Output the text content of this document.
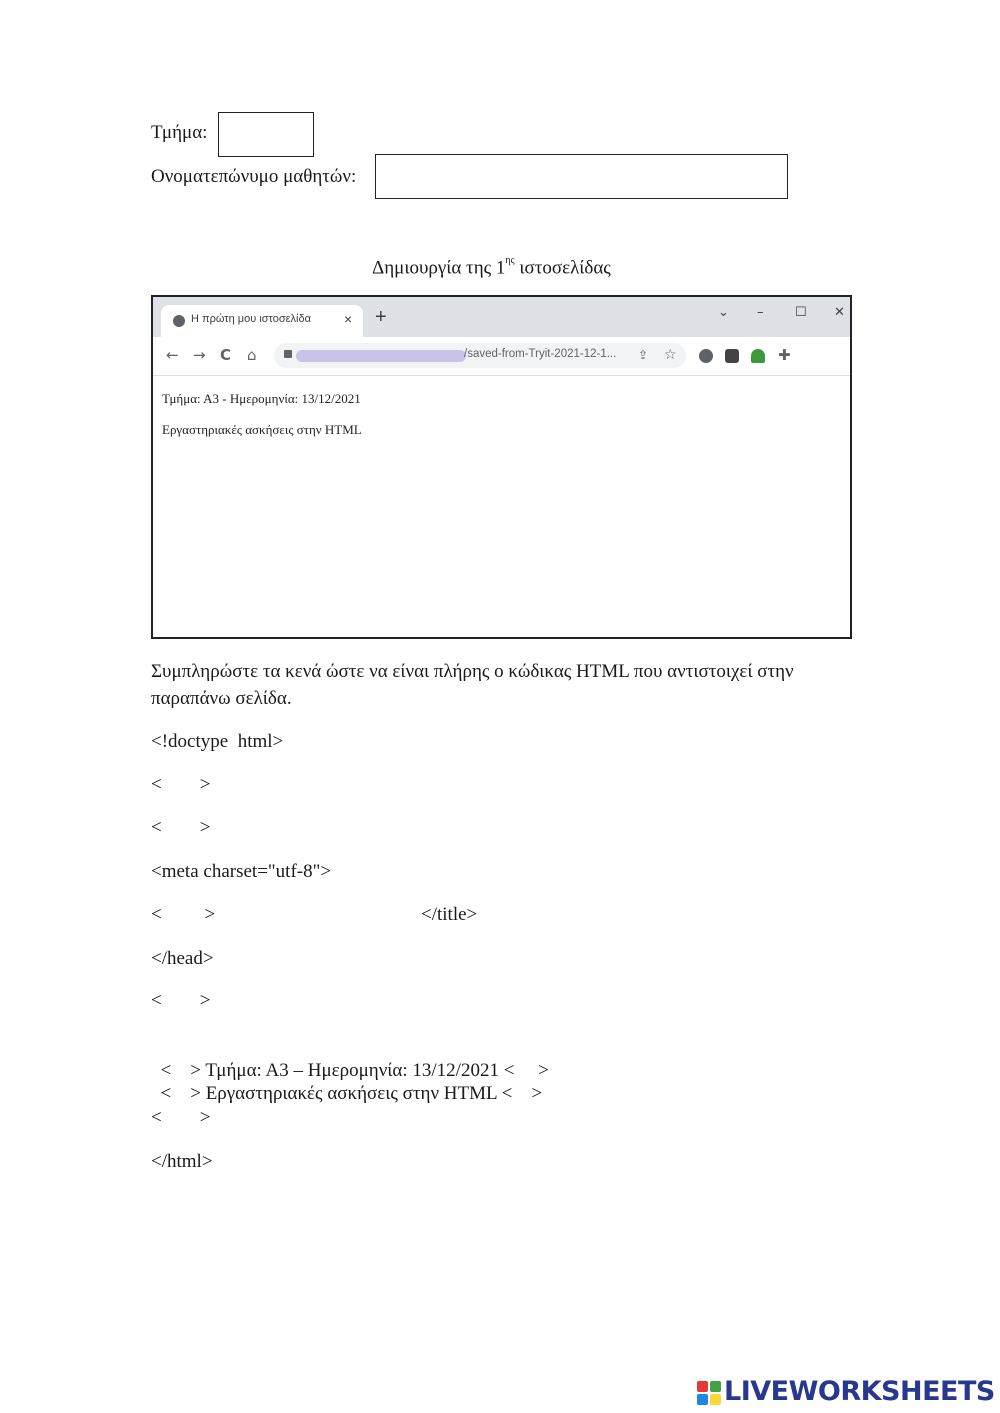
Τμήμα:
Ονοματεπώνυμο μαθητών:
Δημιουργία της $1^{\eta\varsigma}$ ιστοσελίδας
Η πρώτη μου ιστοσελίδα × +	⌄ – ☐ ✕
← → C ⌂	/saved-from-Tryit-2021-12-1... ⇪ ☆	✚
Τμήμα: Α3 - Ημερομηνία: 13/12/2021
Εργαστηριακές ασκήσεις στην HTML
Συμπληρώστε τα κενά ώστε να είναι πλήρης ο κώδικας HTML που αντιστοιχεί στην
παραπάνω σελίδα.
<!doctype  html>
<        >
<        >
<meta charset="utf-8">
<         >	</title>
</head>
<        >

<    > Τμήμα: Α3 – Ημερομηνία: 13/12/2021 <     >

<    > Εργαστηριακές ασκήσεις στην HTML <    >

<        >
</html>
LIVEWORKSHEETS
